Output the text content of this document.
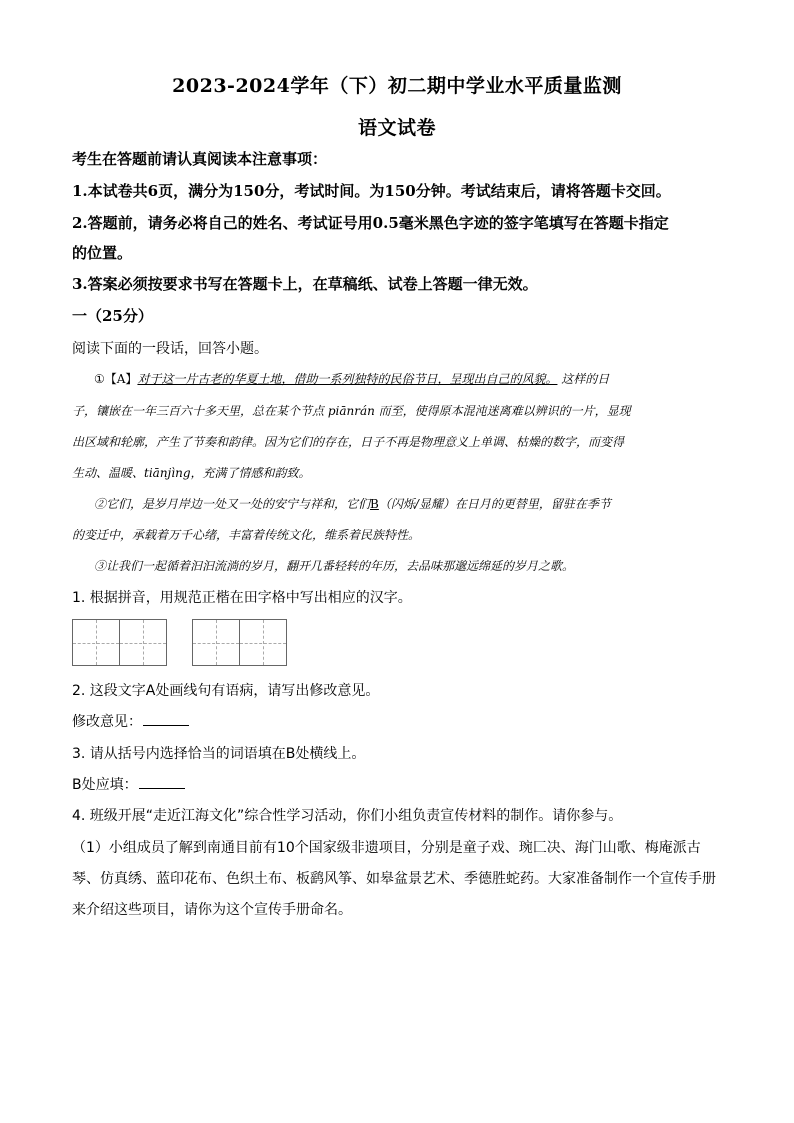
2023-2024学年（下）初二期中学业水平质量监测
语文试卷
考生在答题前请认真阅读本注意事项：
1.本试卷共6页，满分为150分，考试时间。为150分钟。考试结束后，请将答题卡交回。
2.答题前，请务必将自己的姓名、考试证号用0.5毫米黑色字迹的签字笔填写在答题卡指定
的位置。
3.答案必须按要求书写在答题卡上，在草稿纸、试卷上答题一律无效。
一（25分）
阅读下面的一段话，回答小题。
①【A】对于这一片古老的华夏土地，借助一系列独特的民俗节日，呈现出自己的风貌。 这样的日
子，镶嵌在一年三百六十多天里，总在某个节点 piānrán 而至，使得原本混沌迷离难以辨识的一片，显现
出区域和轮廓，产生了节奏和韵律。因为它们的存在，日子不再是物理意义上单调、枯燥的数字，而变得
生动、温暖、tiānjìng，充满了情感和韵致。
②它们，是岁月岸边一处又一处的安宁与祥和，它们B（闪烁/显耀）在日月的更替里，留驻在季节
的变迁中，承载着万千心绪，丰富着传统文化，维系着民族特性。
③让我们一起循着汩汩流淌的岁月，翻开几番轻转的年历，去品味那邈远绵延的岁月之歌。
1. 根据拼音，用规范正楷在田字格中写出相应的汉字。
2. 这段文字A处画线句有语病，请写出修改意见。
修改意见：
3. 请从括号内选择恰当的词语填在B处横线上。
B处应填：
4. 班级开展“走近江海文化”综合性学习活动，你们小组负责宣传材料的制作。请你参与。
（1）小组成员了解到南通目前有10个国家级非遗项目，分别是童子戏、琬匚决、海门山歌、梅庵派古
琴、仿真绣、蓝印花布、色织土布、板鹞风筝、如皋盆景艺术、季德胜蛇药。大家准备制作一个宣传手册
来介绍这些项目，请你为这个宣传手册命名。
